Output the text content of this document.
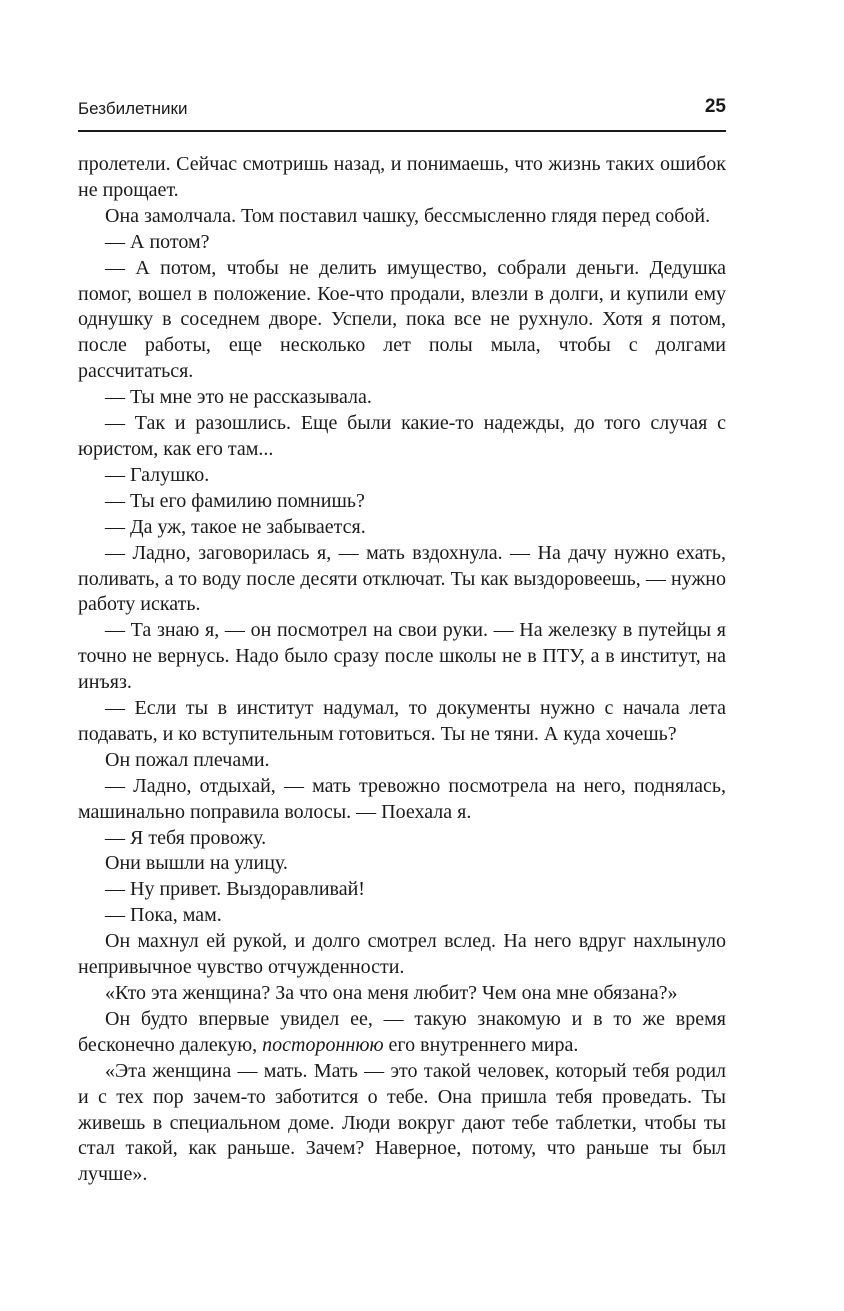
Безбилетники	25

пролетели. Сейчас смотришь назад, и понимаешь, что жизнь таких ошибок не прощает.

Она замолчала. Том поставил чашку, бессмысленно глядя перед собой.

— А потом?

— А потом, чтобы не делить имущество, собрали деньги. Дедушка помог, вошел в положение. Кое-что продали, влезли в долги, и купили ему однушку в соседнем дворе. Успели, пока все не рухнуло. Хотя я потом, после работы, еще несколько лет полы мыла, чтобы с долгами рассчитаться.

— Ты мне это не рассказывала.

— Так и разошлись. Еще были какие-то надежды, до того случая с юристом, как его там...

— Галушко.

— Ты его фамилию помнишь?

— Да уж, такое не забывается.

— Ладно, заговорилась я, — мать вздохнула. — На дачу нужно ехать, поливать, а то воду после десяти отключат. Ты как выздоровеешь, — нужно работу искать.

— Та знаю я, — он посмотрел на свои руки. — На железку в путейцы я точно не вернусь. Надо было сразу после школы не в ПТУ, а в институт, на инъяз.

— Если ты в институт надумал, то документы нужно с начала лета подавать, и ко вступительным готовиться. Ты не тяни. А куда хочешь?

Он пожал плечами.

— Ладно, отдыхай, — мать тревожно посмотрела на него, поднялась, машинально поправила волосы. — Поехала я.

— Я тебя провожу.

Они вышли на улицу.

— Ну привет. Выздоравливай!

— Пока, мам.

Он махнул ей рукой, и долго смотрел вслед. На него вдруг нахлынуло непривычное чувство отчужденности.

«Кто эта женщина? За что она меня любит? Чем она мне обязана?»

Он будто впервые увидел ее, — такую знакомую и в то же время бесконечно далекую, постороннюю его внутреннего мира.

«Эта женщина — мать. Мать — это такой человек, который тебя родил и с тех пор зачем-то заботится о тебе. Она пришла тебя проведать. Ты живешь в специальном доме. Люди вокруг дают тебе таблетки, чтобы ты стал такой, как раньше. Зачем? Наверное, потому, что раньше ты был лучше».
